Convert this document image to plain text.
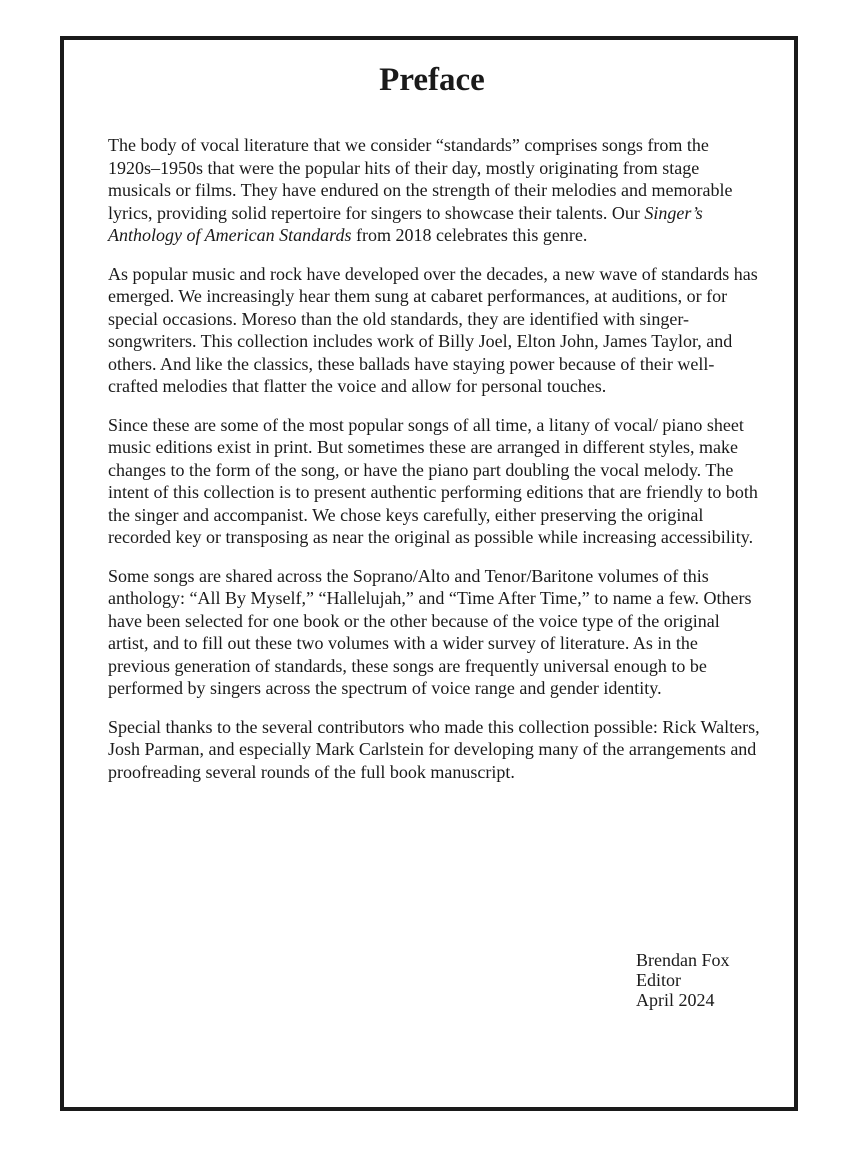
Preface

The body of vocal literature that we consider “standards” comprises songs from the 1920s–1950s that were the popular hits of their day, mostly originating from stage musicals or films. They have endured on the strength of their melodies and memorable lyrics, providing solid repertoire for singers to showcase their talents. Our Singer’s Anthology of American Standards from 2018 celebrates this genre.

As popular music and rock have developed over the decades, a new wave of standards has emerged. We increasingly hear them sung at cabaret performances, at auditions, or for special occasions. Moreso than the old standards, they are identified with singer-songwriters. This collection includes work of Billy Joel, Elton John, James Taylor, and others. And like the classics, these ballads have staying power because of their well-crafted melodies that flatter the voice and allow for personal touches.

Since these are some of the most popular songs of all time, a litany of vocal/ piano sheet music editions exist in print. But sometimes these are arranged in different styles, make changes to the form of the song, or have the piano part doubling the vocal melody. The intent of this collection is to present authentic performing editions that are friendly to both the singer and accompanist. We chose keys carefully, either preserving the original recorded key or transposing as near the original as possible while increasing accessibility.

Some songs are shared across the Soprano/Alto and Tenor/Baritone volumes of this anthology: “All By Myself,” “Hallelujah,” and “Time After Time,” to name a few. Others have been selected for one book or the other because of the voice type of the original artist, and to fill out these two volumes with a wider survey of literature. As in the previous generation of standards, these songs are frequently universal enough to be performed by singers across the spectrum of voice range and gender identity.

Special thanks to the several contributors who made this collection possible: Rick Walters, Josh Parman, and especially Mark Carlstein for developing many of the arrangements and proofreading several rounds of the full book manuscript.

Brendan Fox
Editor
April 2024
